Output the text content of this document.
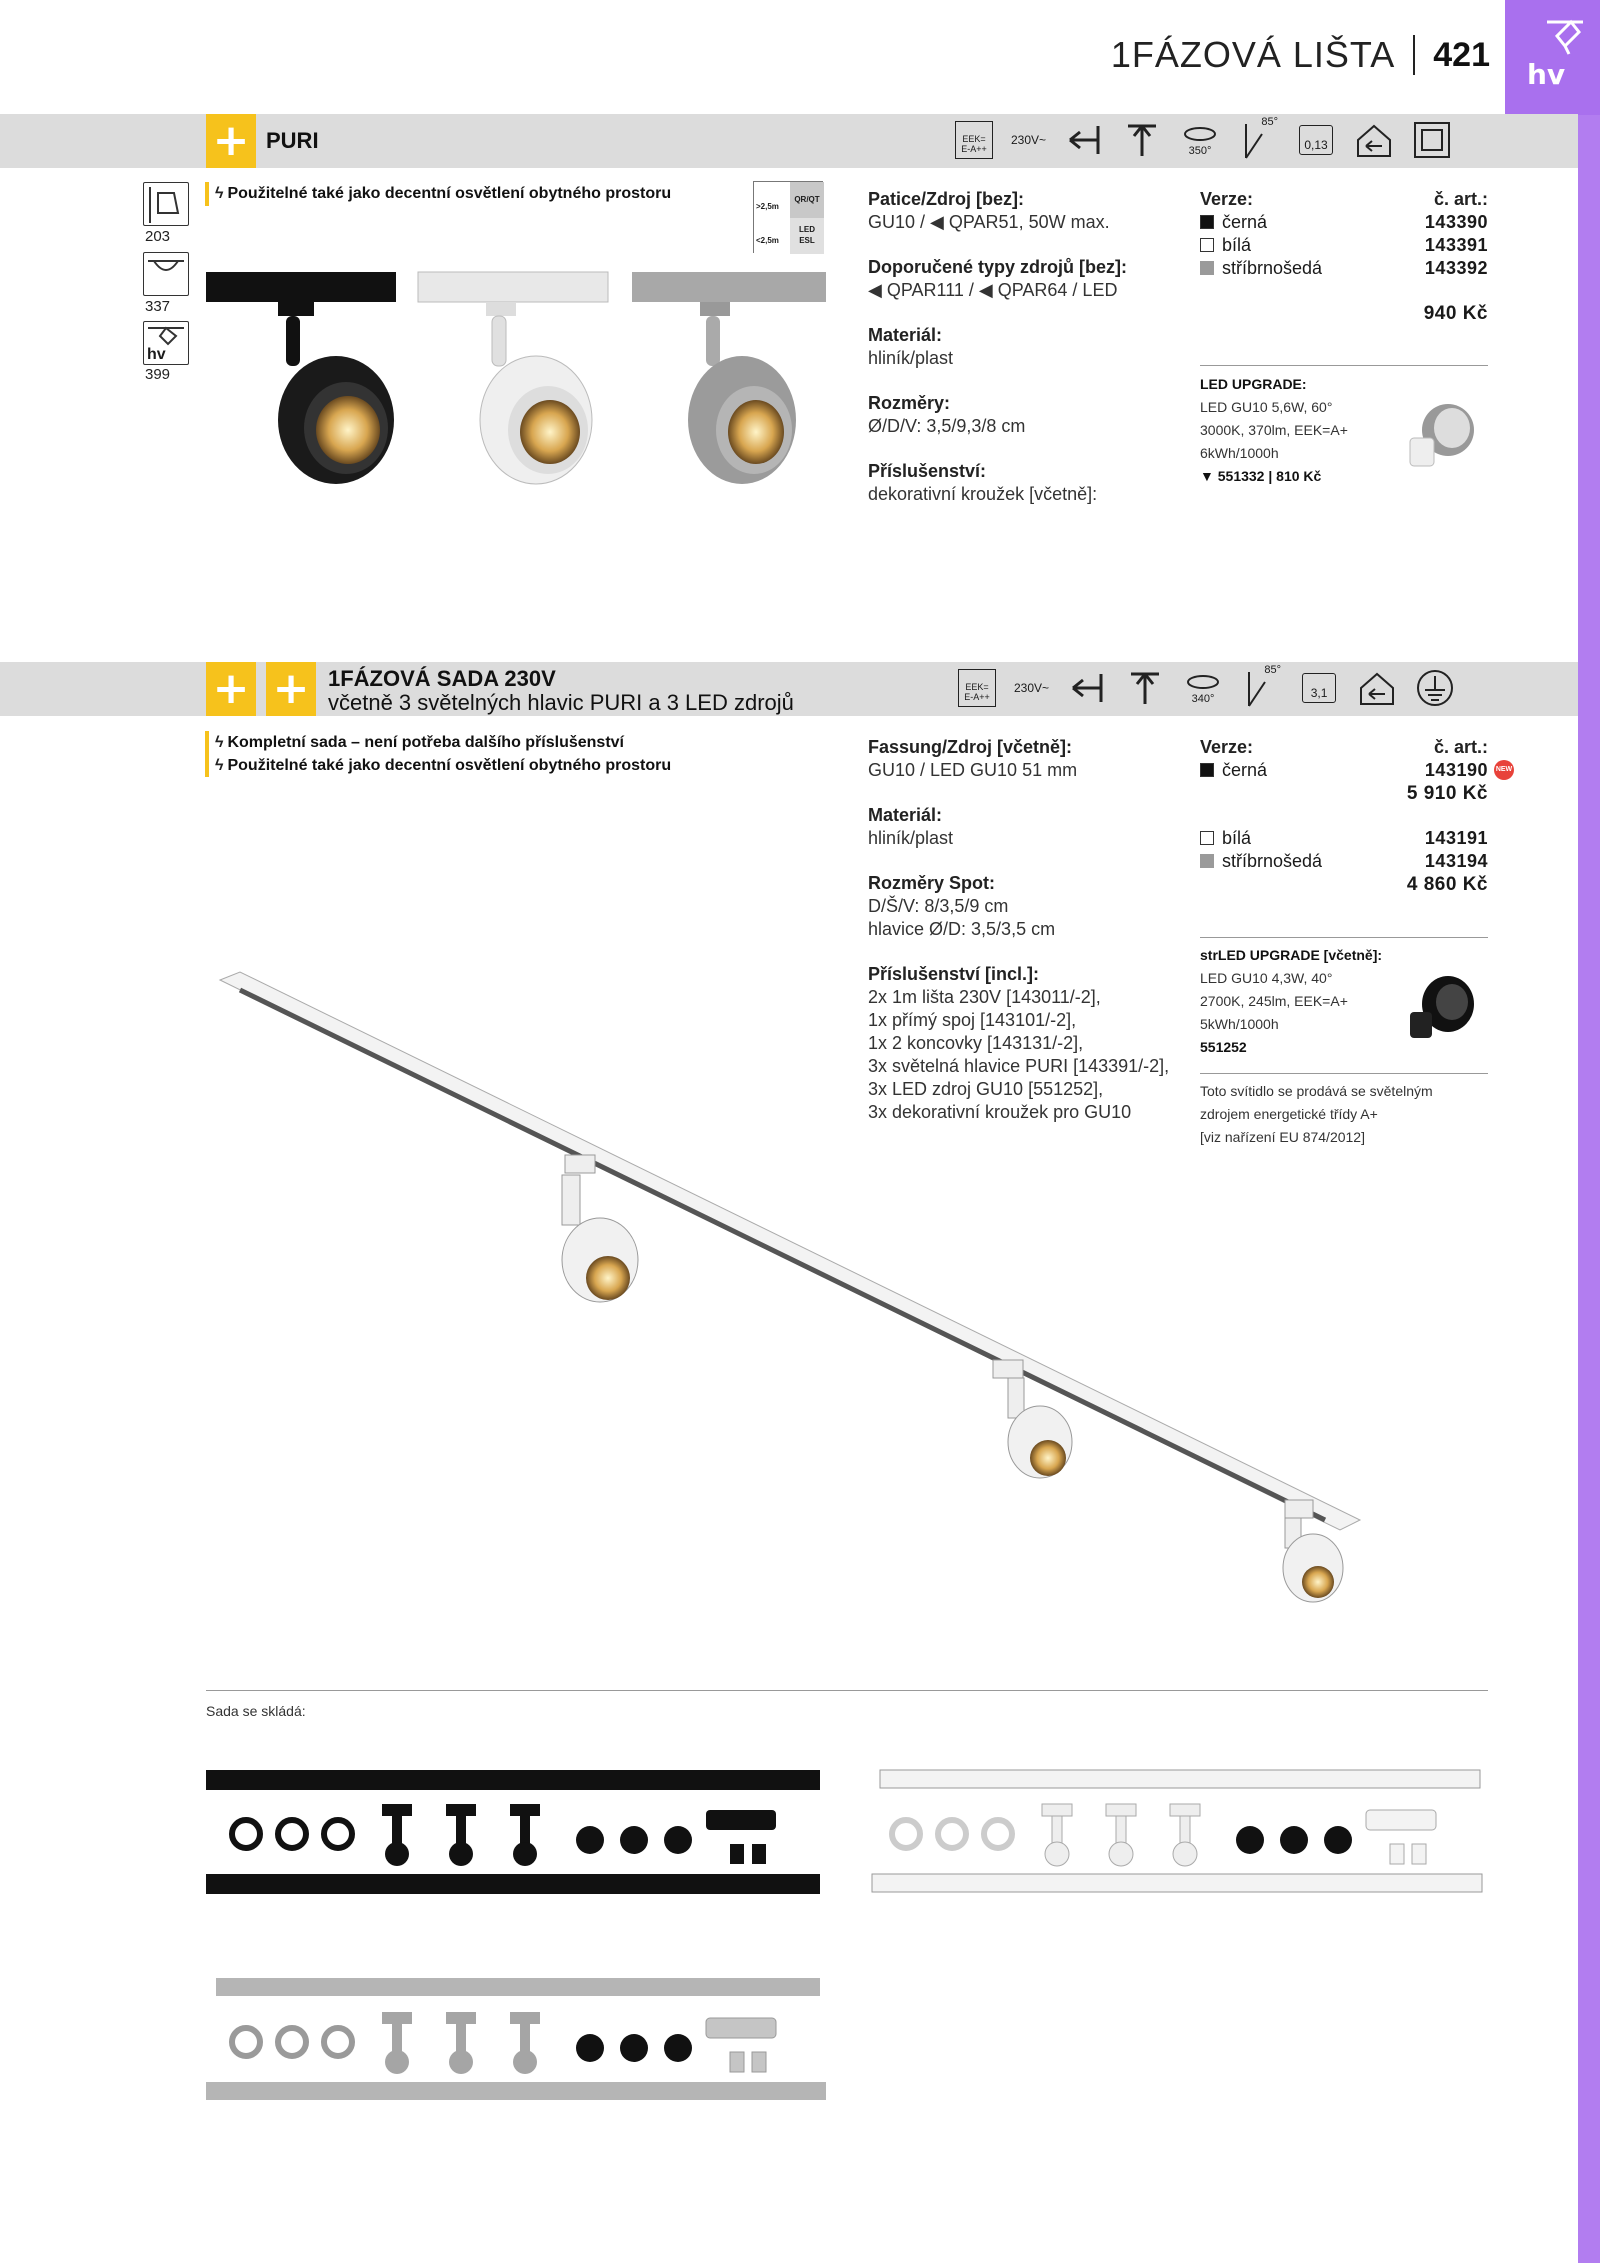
hv
1FÁZOVÁ LIŠTA 421
+ PURI	EEK=
E-A++
230V~
350°
85°
0,13
203
337
hv
399
ϟ Použitelné také jako decentní osvětlení obytného prostoru	QR/QT
LED
ESL
>2,5m
<2,5m

Patice/Zdroj [bez]:

GU10 / ◀ QPAR51, 50W max.

Doporučené typy zdrojů [bez]:

◀ QPAR111 / ◀ QPAR64 / LED

Materiál:

hliník/plast

Rozměry:

Ø/D/V: 3,5/9,3/8 cm

Příslušenství:

dekorativní kroužek [včetně]:

Verze:	č. art.:
černá	143390
bílá	143391
stříbrnošedá	143392

940 Kč

LED UPGRADE:

LED GU10 5,6W, 60°

3000K, 370lm, EEK=A+

6kWh/1000h

▼ 551332 | 810 Kč

+ + 1FÁZOVÁ SADA 230V
včetně 3 světelných hlavic PURI a 3 LED zdrojů
EEK=
E-A++
230V~
340°
85°
3,1
ϟ Kompletní sada – není potřeba dalšího příslušenství
ϟ Použitelné také jako decentní osvětlení obytného prostoru

Fassung/Zdroj [včetně]:

GU10 / LED GU10 51 mm

Materiál:

hliník/plast

Rozměry Spot:

D/Š/V: 8/3,5/9 cm

hlavice Ø/D: 3,5/3,5 cm

Příslušenství [incl.]:

2x 1m lišta 230V [143011/-2],

1x přímý spoj [143101/-2],

1x 2 koncovky [143131/-2],

3x světelná hlavice PURI [143391/-2],

3x LED zdroj GU10 [551252],

3x dekorativní kroužek pro GU10

Verze:	č. art.:
černá	143190 NEW

5 910 Kč

bílá	143191
stříbrnošedá	143194

4 860 Kč

strLED UPGRADE [včetně]:

LED GU10 4,3W, 40°

2700K, 245lm, EEK=A+

5kWh/1000h

551252

Toto svítidlo se prodává se světelným

zdrojem energetické třídy A+

[viz nařízení EU 874/2012]

Sada se skládá:
